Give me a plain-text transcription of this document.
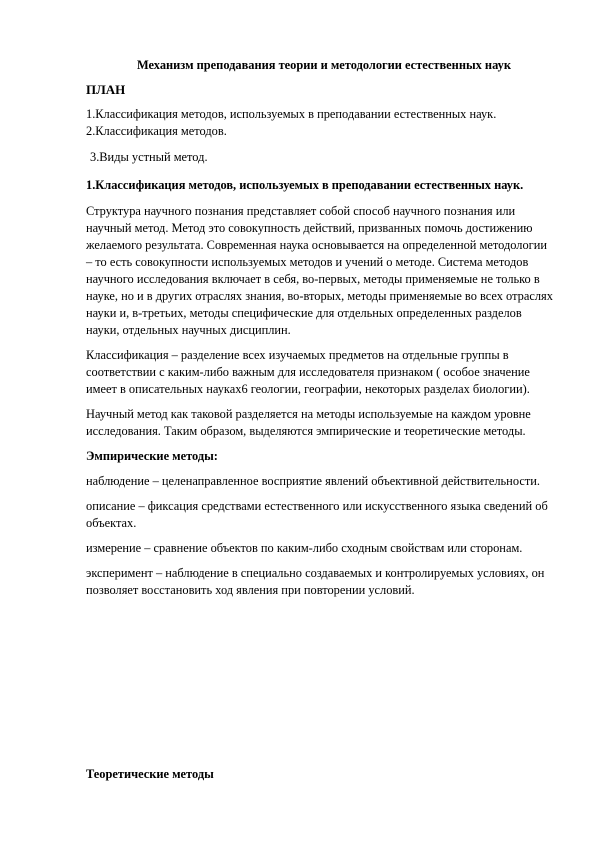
Механизм преподавания теории и методологии естественных наук

ПЛАН

1.Классификация методов, используемых в преподавании естественных наук.

2.Классификация методов.

3.Виды устный метод.

1.Классификация методов, используемых в преподавании естественных наук.

Структура научного познания представляет собой способ научного познания или научный метод. Метод это совокупность действий, призванных помочь достижению желаемого результата. Современная наука основывается на определенной методологии – то есть совокупности используемых методов и учений о методе. Система методов научного исследования включает в себя, во-первых, методы применяемые не только в науке, но и в других отраслях знания, во-вторых, методы применяемые во всех отраслях науки и, в-третьих, методы специфические для отдельных определенных разделов науки, отдельных научных дисциплин.

Классификация – разделение всех изучаемых предметов на отдельные группы в соответствии с каким-либо важным для исследователя признаком ( особое значение имеет в описательных науках6 геологии, географии, некоторых разделах биологии).

Научный метод как таковой разделяется на методы используемые на каждом уровне исследования. Таким образом, выделяются эмпирические и теоретические методы.

Эмпирические методы:

наблюдение – целенаправленное восприятие явлений объективной действительности.

описание – фиксация средствами естественного или искусственного языка сведений об объектах.

измерение – сравнение объектов по каким-либо сходным свойствам или сторонам.

эксперимент – наблюдение в специально создаваемых и контролируемых условиях, он позволяет восстановить ход явления при повторении условий.

Теоретические методы
